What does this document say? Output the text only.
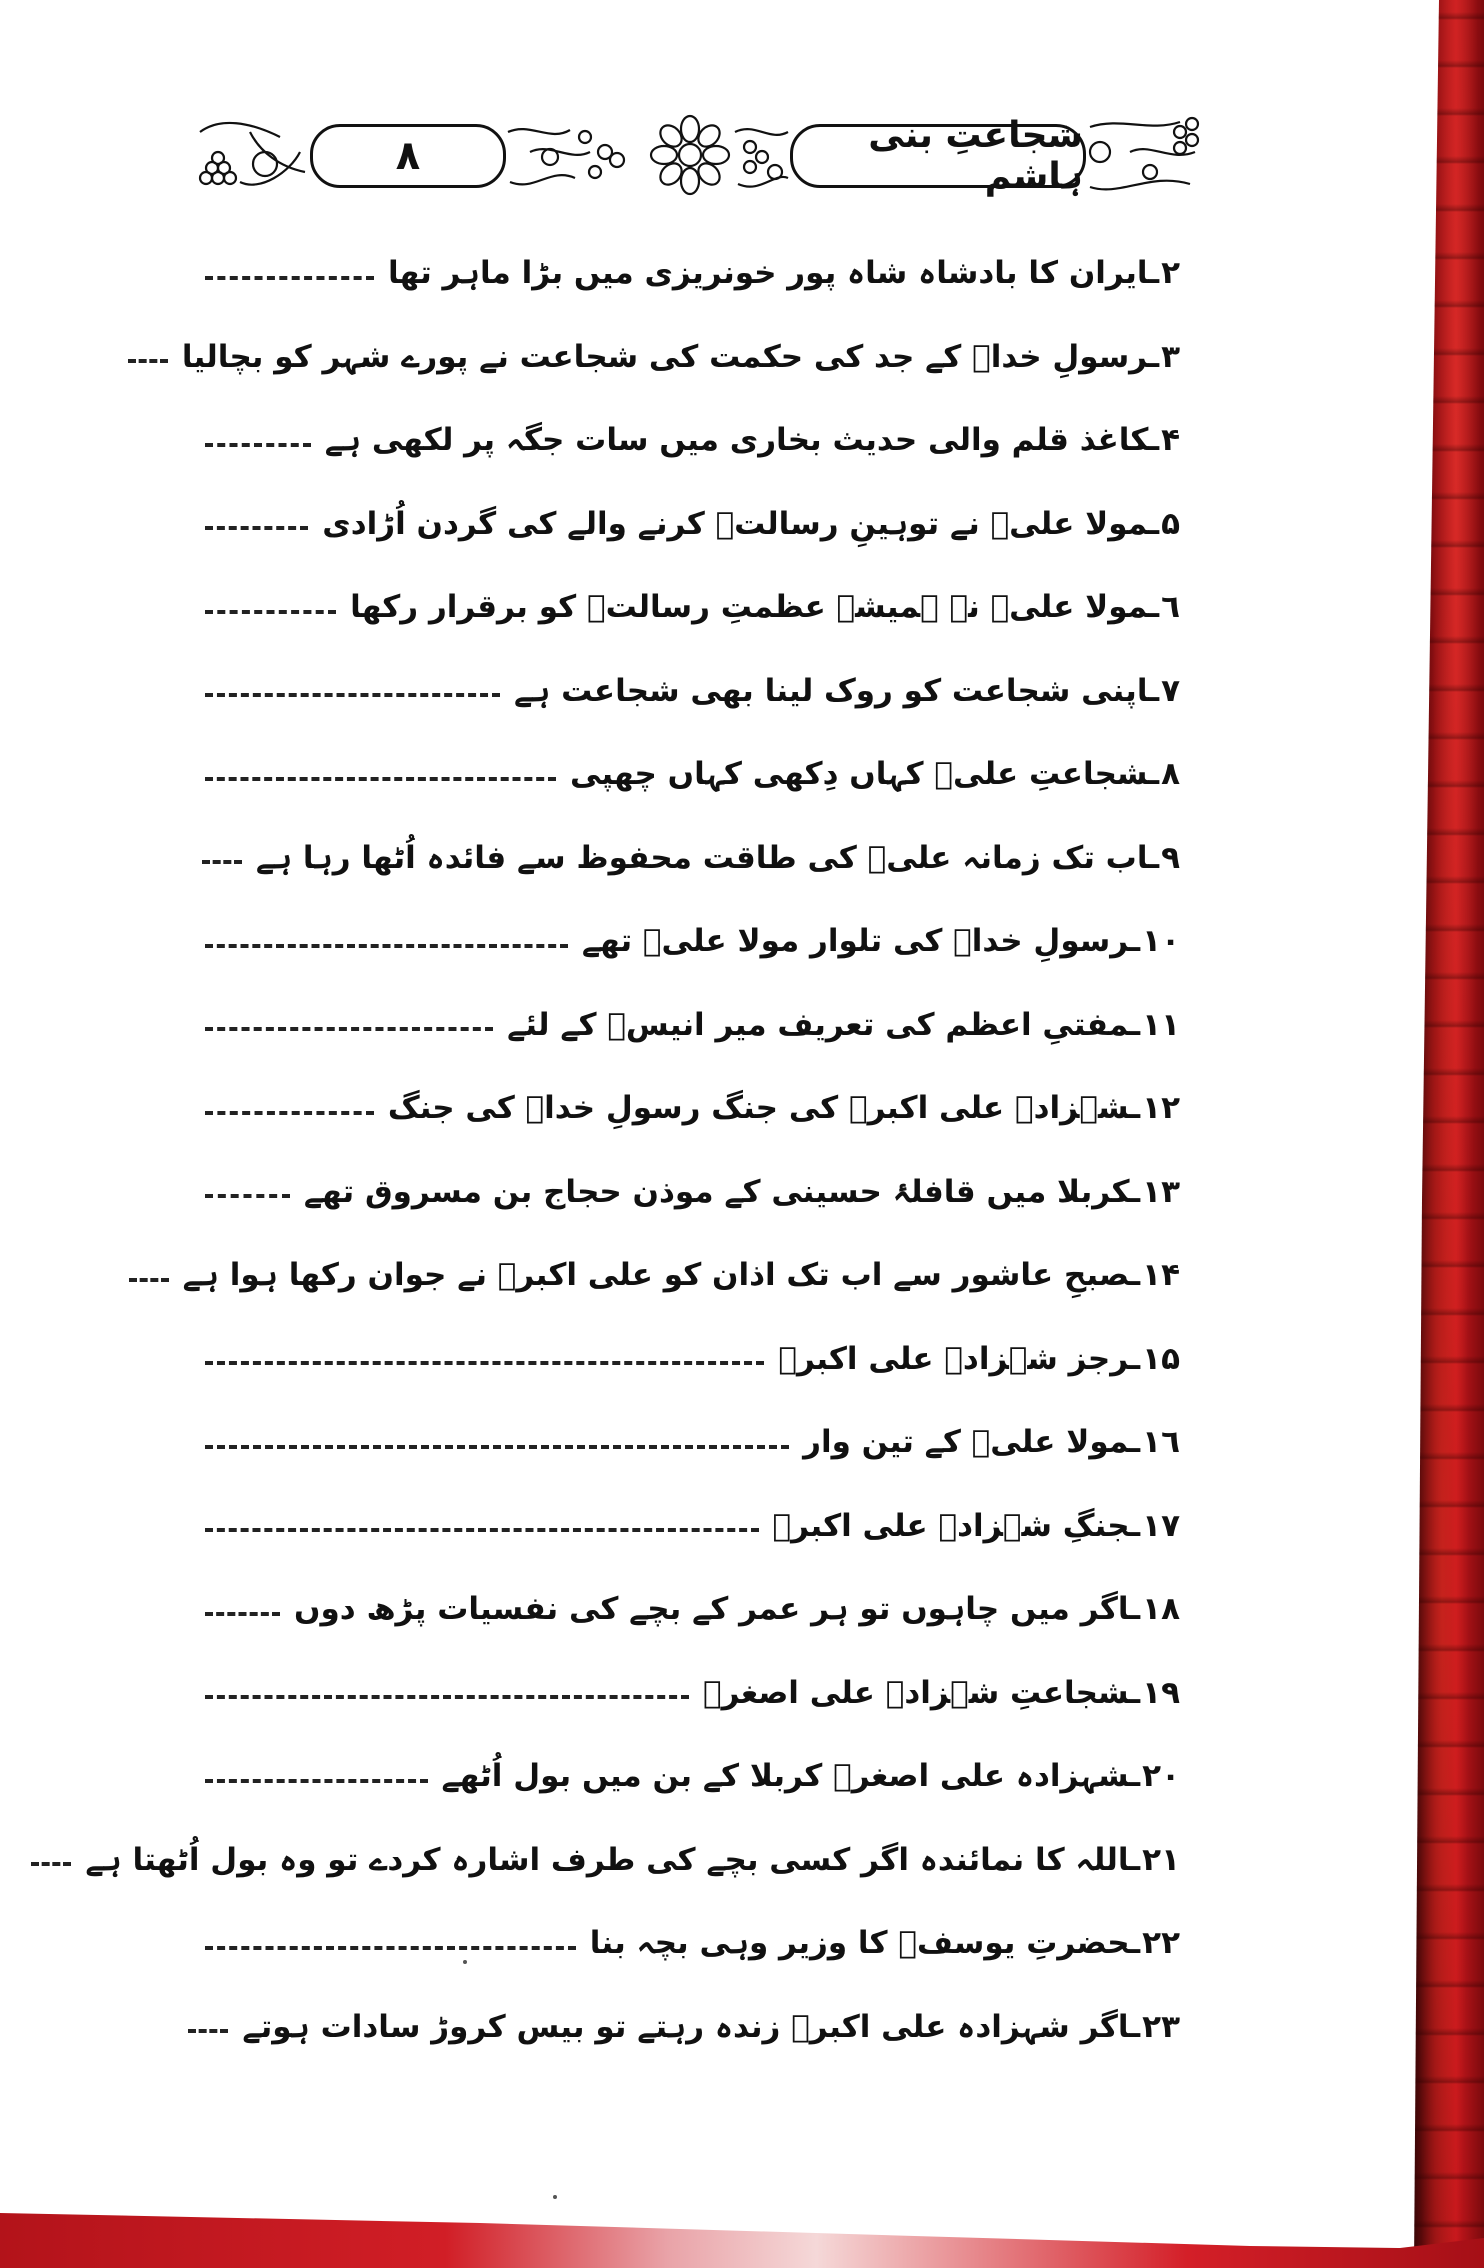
٨	شجاعتِ بنی ہاشم
٢ـایران کا بادشاہ شاہ پور خونریزی میں بڑا ماہر تھا
٣ـرسولِ خداؐ کے جد کی حکمت کی شجاعت نے پورے شہر کو بچالیا
۴ـکاغذ قلم والی حدیث بخاری میں سات جگہ پر لکھی ہے
۵ـمولا علیؑ نے توہینِ رسالتؐ کرنے والے کی گردن اُڑادی
٦ـمولا علیؑ نے ہمیشہ عظمتِ رسالتؐ کو برقرار رکھا
٧ـاپنی شجاعت کو روک لینا بھی شجاعت ہے
٨ـشجاعتِ علیؑ کہاں دِکھی کہاں چھپی
٩ـاب تک زمانہ علیؑ کی طاقت محفوظ سے فائدہ اُٹھا رہا ہے
١٠ـرسولِ خداؐ کی تلوار مولا علیؑ تھے
١١ـمفتیِ اعظم کی تعریف میر انیسؔ کے لئے
١٢ـشہزادہ علی اکبرؑ کی جنگ رسولِ خداؐ کی جنگ
١٣ـکربلا میں قافلۂ حسینی کے موذن حجاج بن مسروق تھے
١۴ـصبحِ عاشور سے اب تک اذان کو علی اکبرؑ نے جوان رکھا ہوا ہے
١۵ـرجز شہزادہ علی اکبرؑ
١٦ـمولا علیؑ کے تین وار
١٧ـجنگِ شہزادہ علی اکبرؑ
١٨ـاگر میں چاہوں تو ہر عمر کے بچے کی نفسیات پڑھ دوں
١٩ـشجاعتِ شہزادہ علی اصغرؑ
٢٠ـشہزادہ علی اصغرؑ کربلا کے بن میں بول اُٹھے
٢١ـاللہ کا نمائندہ اگر کسی بچے کی طرف اشارہ کردے تو وہ بول اُٹھتا ہے
٢٢ـحضرتِ یوسفؑ کا وزیر وہی بچہ بنا
٢٣ـاگر شہزادہ علی اکبرؑ زندہ رہتے تو بیس کروڑ سادات ہوتے
